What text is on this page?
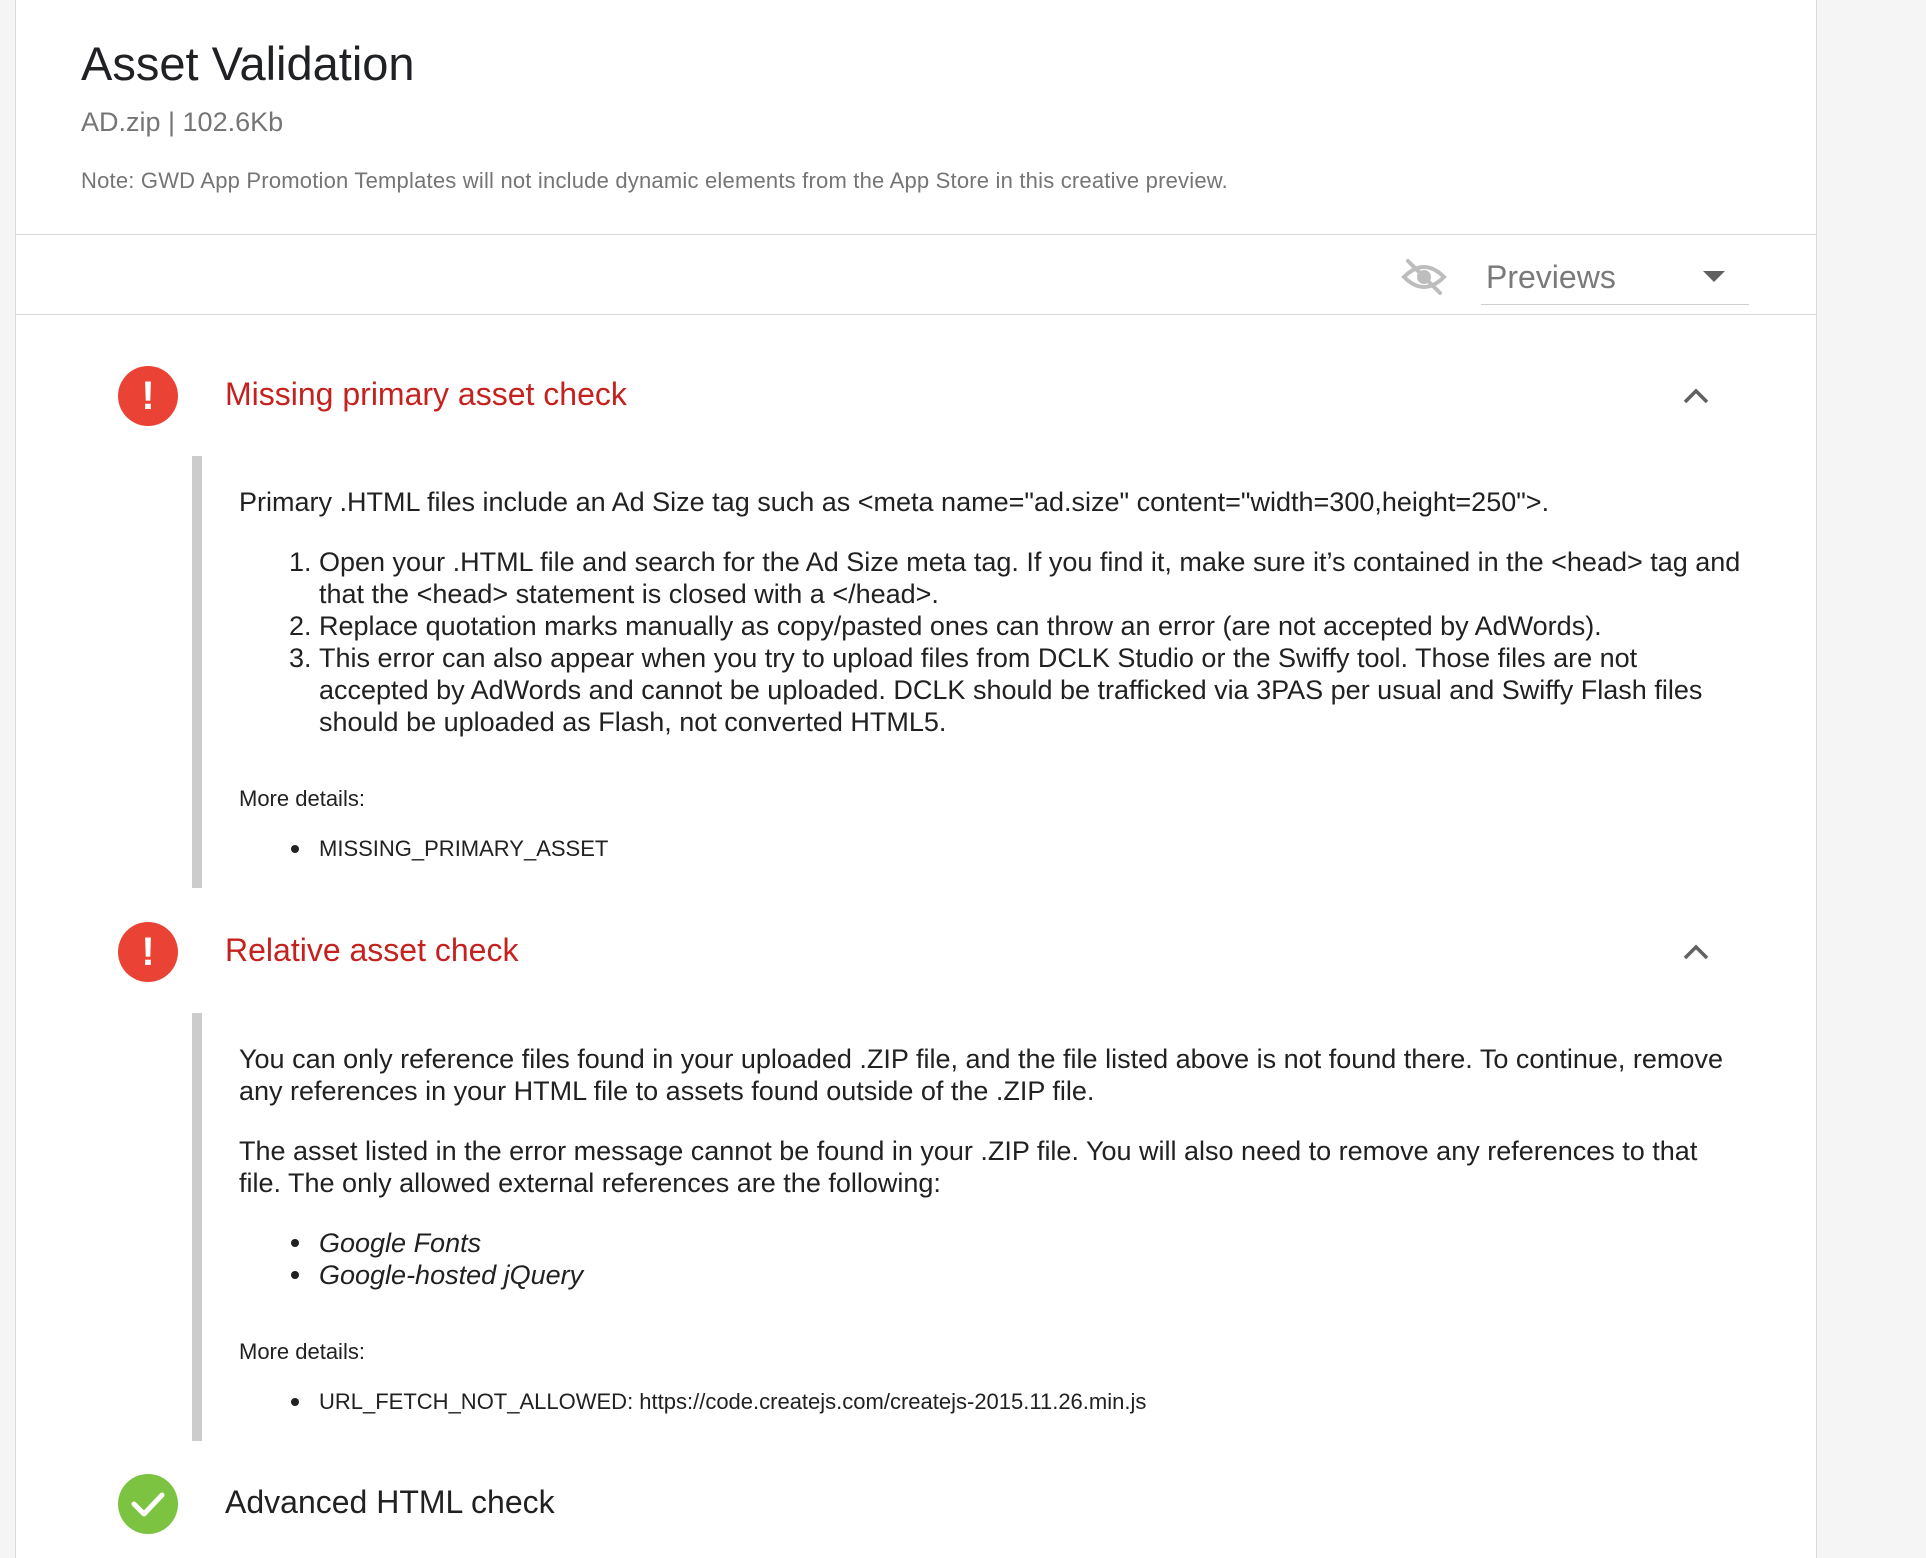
Asset Validation
AD.zip | 102.6Kb
Note: GWD App Promotion Templates will not include dynamic elements from the App Store in this creative preview.
Previews
!	Missing primary asset check

Primary .HTML files include an Ad Size tag such as <meta name="ad.size" content="width=300,height=250">.

1. Open your .HTML file and search for the Ad Size meta tag. If you find it, make sure it’s contained in the <head> tag and that the <head> statement is closed with a </head>.
2. Replace quotation marks manually as copy/pasted ones can throw an error (are not accepted by AdWords).
3. This error can also appear when you try to upload files from DCLK Studio or the Swiffy tool. Those files are not accepted by AdWords and cannot be uploaded. DCLK should be trafficked via 3PAS per usual and Swiffy Flash files should be uploaded as Flash, not converted HTML5.
More details:
MISSING_PRIMARY_ASSET
!	Relative asset check

You can only reference files found in your uploaded .ZIP file, and the file listed above is not found there. To continue, remove any references in your HTML file to assets found outside of the .ZIP file.

The asset listed in the error message cannot be found in your .ZIP file. You will also need to remove any references to that file. The only allowed external references are the following:

Google Fonts
Google-hosted jQuery
More details:
URL_FETCH_NOT_ALLOWED: https://code.createjs.com/createjs-2015.11.26.min.js
Advanced HTML check
